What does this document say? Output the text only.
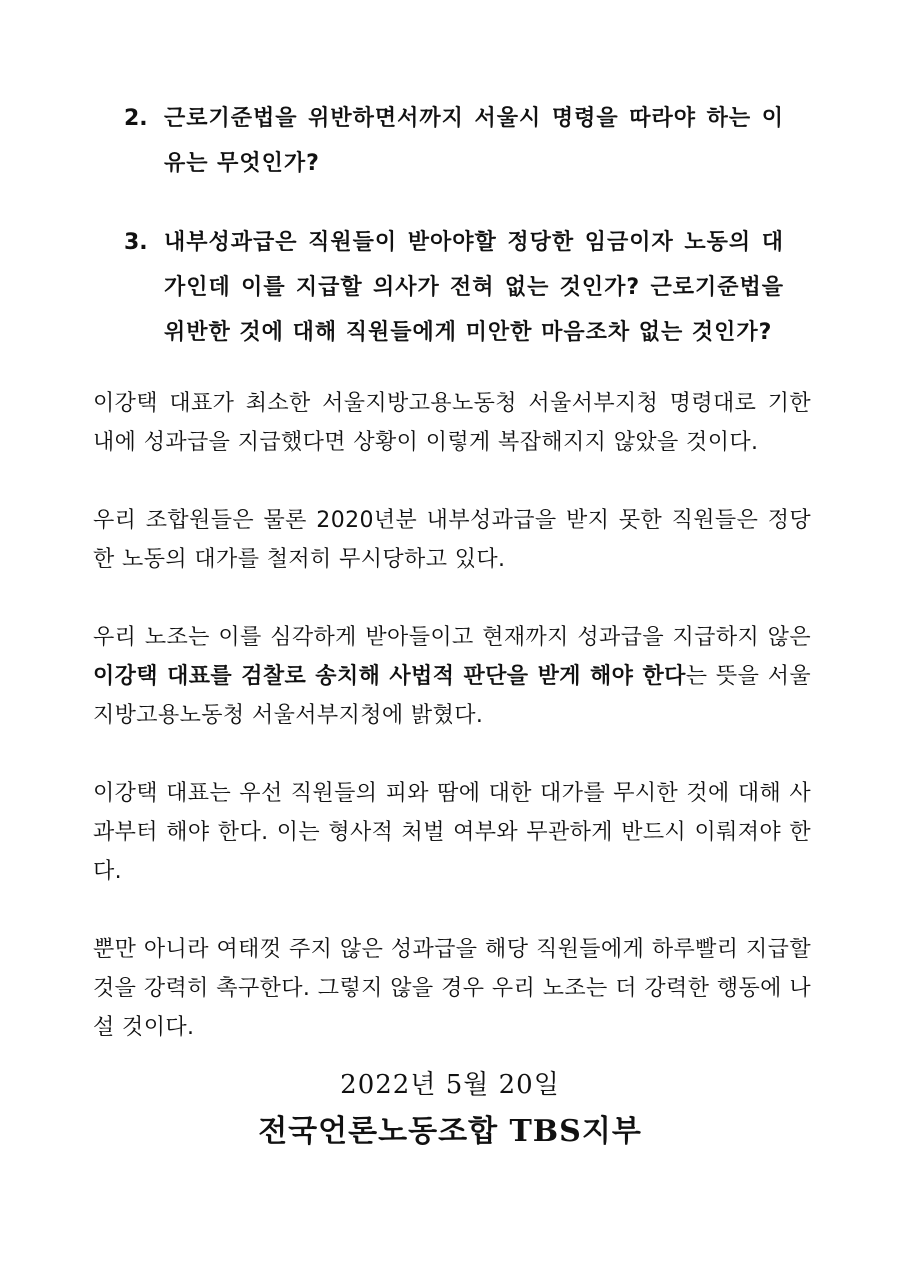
2. 근로기준법을 위반하면서까지 서울시 명령을 따라야 하는 이유는 무엇인가?
3. 내부성과급은 직원들이 받아야할 정당한 임금이자 노동의 대가인데 이를 지급할 의사가 전혀 없는 것인가? 근로기준법을 위반한 것에 대해 직원들에게 미안한 마음조차 없는 것인가?

이강택 대표가 최소한 서울지방고용노동청 서울서부지청 명령대로 기한 내에 성과급을 지급했다면 상황이 이렇게 복잡해지지 않았을 것이다.

우리 조합원들은 물론 2020년분 내부성과급을 받지 못한 직원들은 정당한 노동의 대가를 철저히 무시당하고 있다.

우리 노조는 이를 심각하게 받아들이고 현재까지 성과급을 지급하지 않은 이강택 대표를 검찰로 송치해 사법적 판단을 받게 해야 한다는 뜻을 서울지방고용노동청 서울서부지청에 밝혔다.

이강택 대표는 우선 직원들의 피와 땀에 대한 대가를 무시한 것에 대해 사과부터 해야 한다. 이는 형사적 처벌 여부와 무관하게 반드시 이뤄져야 한다.

뿐만 아니라 여태껏 주지 않은 성과급을 해당 직원들에게 하루빨리 지급할 것을 강력히 촉구한다. 그렇지 않을 경우 우리 노조는 더 강력한 행동에 나설 것이다.

2022년 5월 20일
전국언론노동조합 TBS지부
